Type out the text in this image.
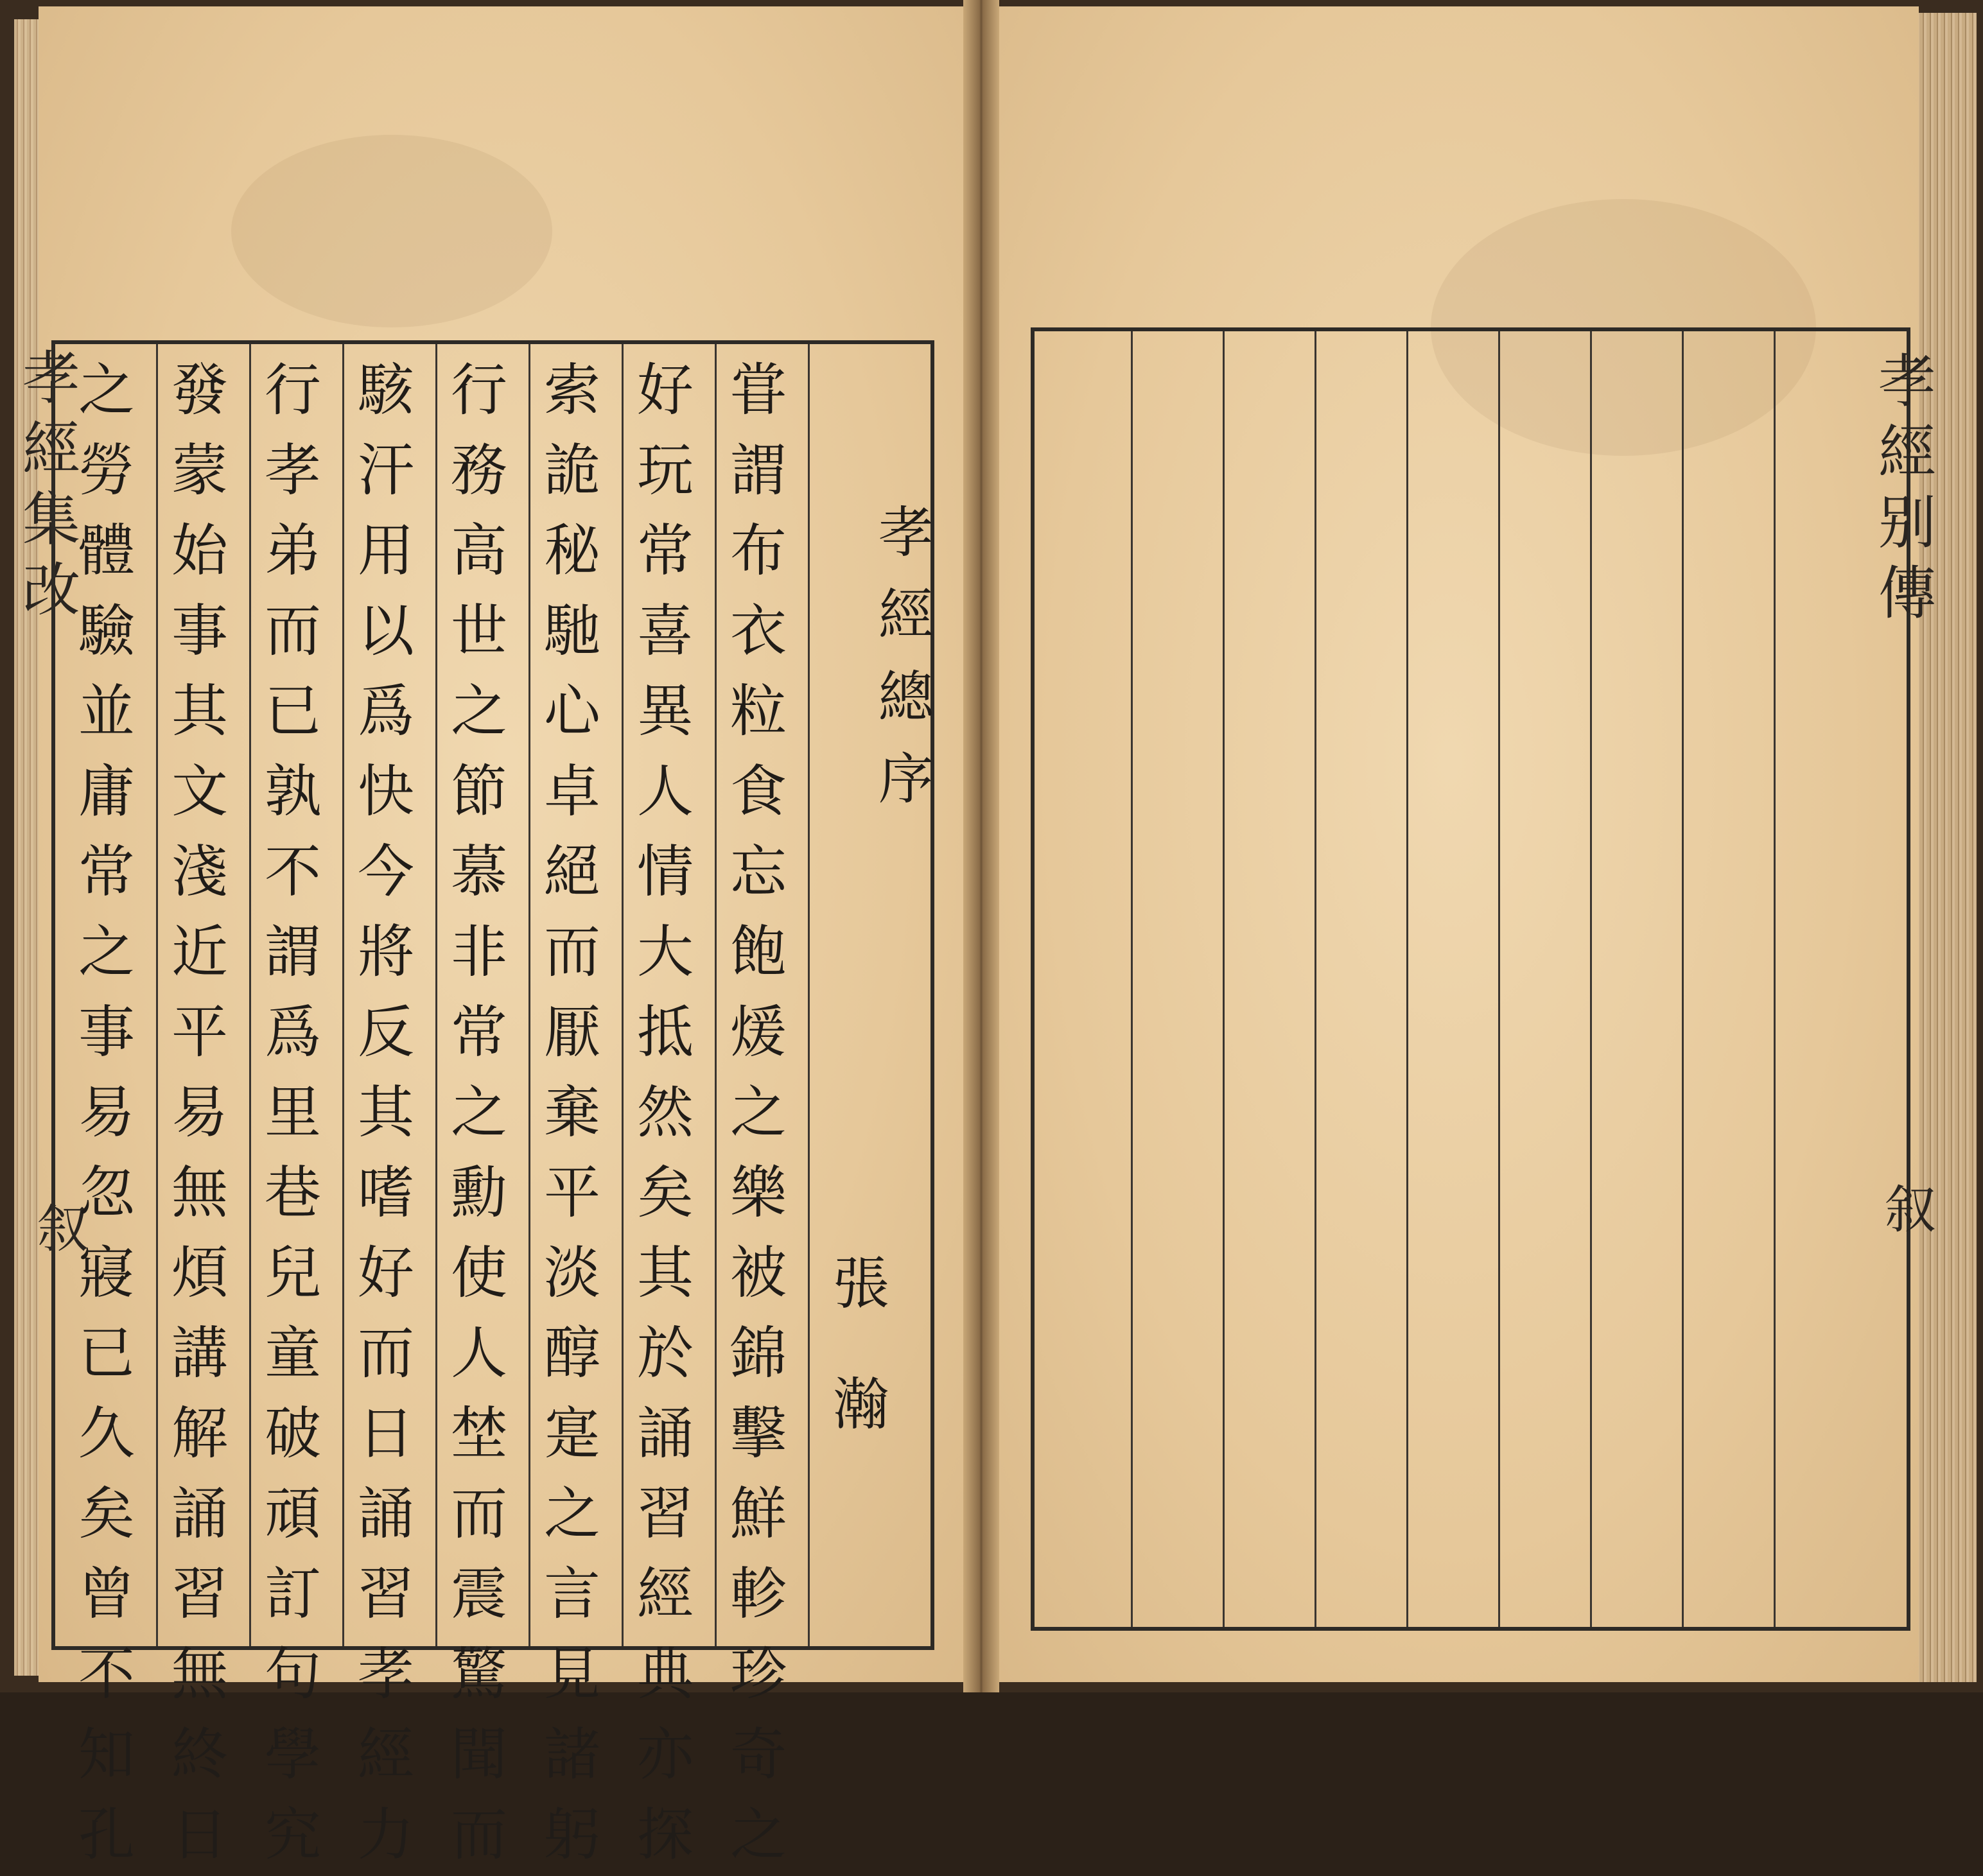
孝
經
集
改
叙
孝
經
總
序
張
瀚
甞
謂
布
衣
粒
食
忘
飽
煖
之
樂
被
錦
擊
鮮
軫
珍
奇
之
好
玩
常
喜
異
人
情
大
抵
然
矣
其
於
誦
習
經
典
亦
探
索
詭
秘
馳
心
卓
絕
而
厭
棄
平
淡
醇
寔
之
言
見
諸
躬
行
務
高
世
之
節
慕
非
常
之
勳
使
人
埜
而
震
驚
聞
而
駭
汗
用
以
爲
快
今
將
反
其
嗜
好
而
日
誦
習
孝
經
力
行
孝
弟
而
已
孰
不
謂
爲
里
巷
兒
童
破
頑
訂
句
學
究
發
蒙
始
事
其
文
淺
近
平
易
無
煩
講
解
誦
習
無
終
日
之
勞
體
驗
並
庸
常
之
事
易
忽
寢
已
久
矣
曾
不
知
孔
孝
經
别
傳
叙
